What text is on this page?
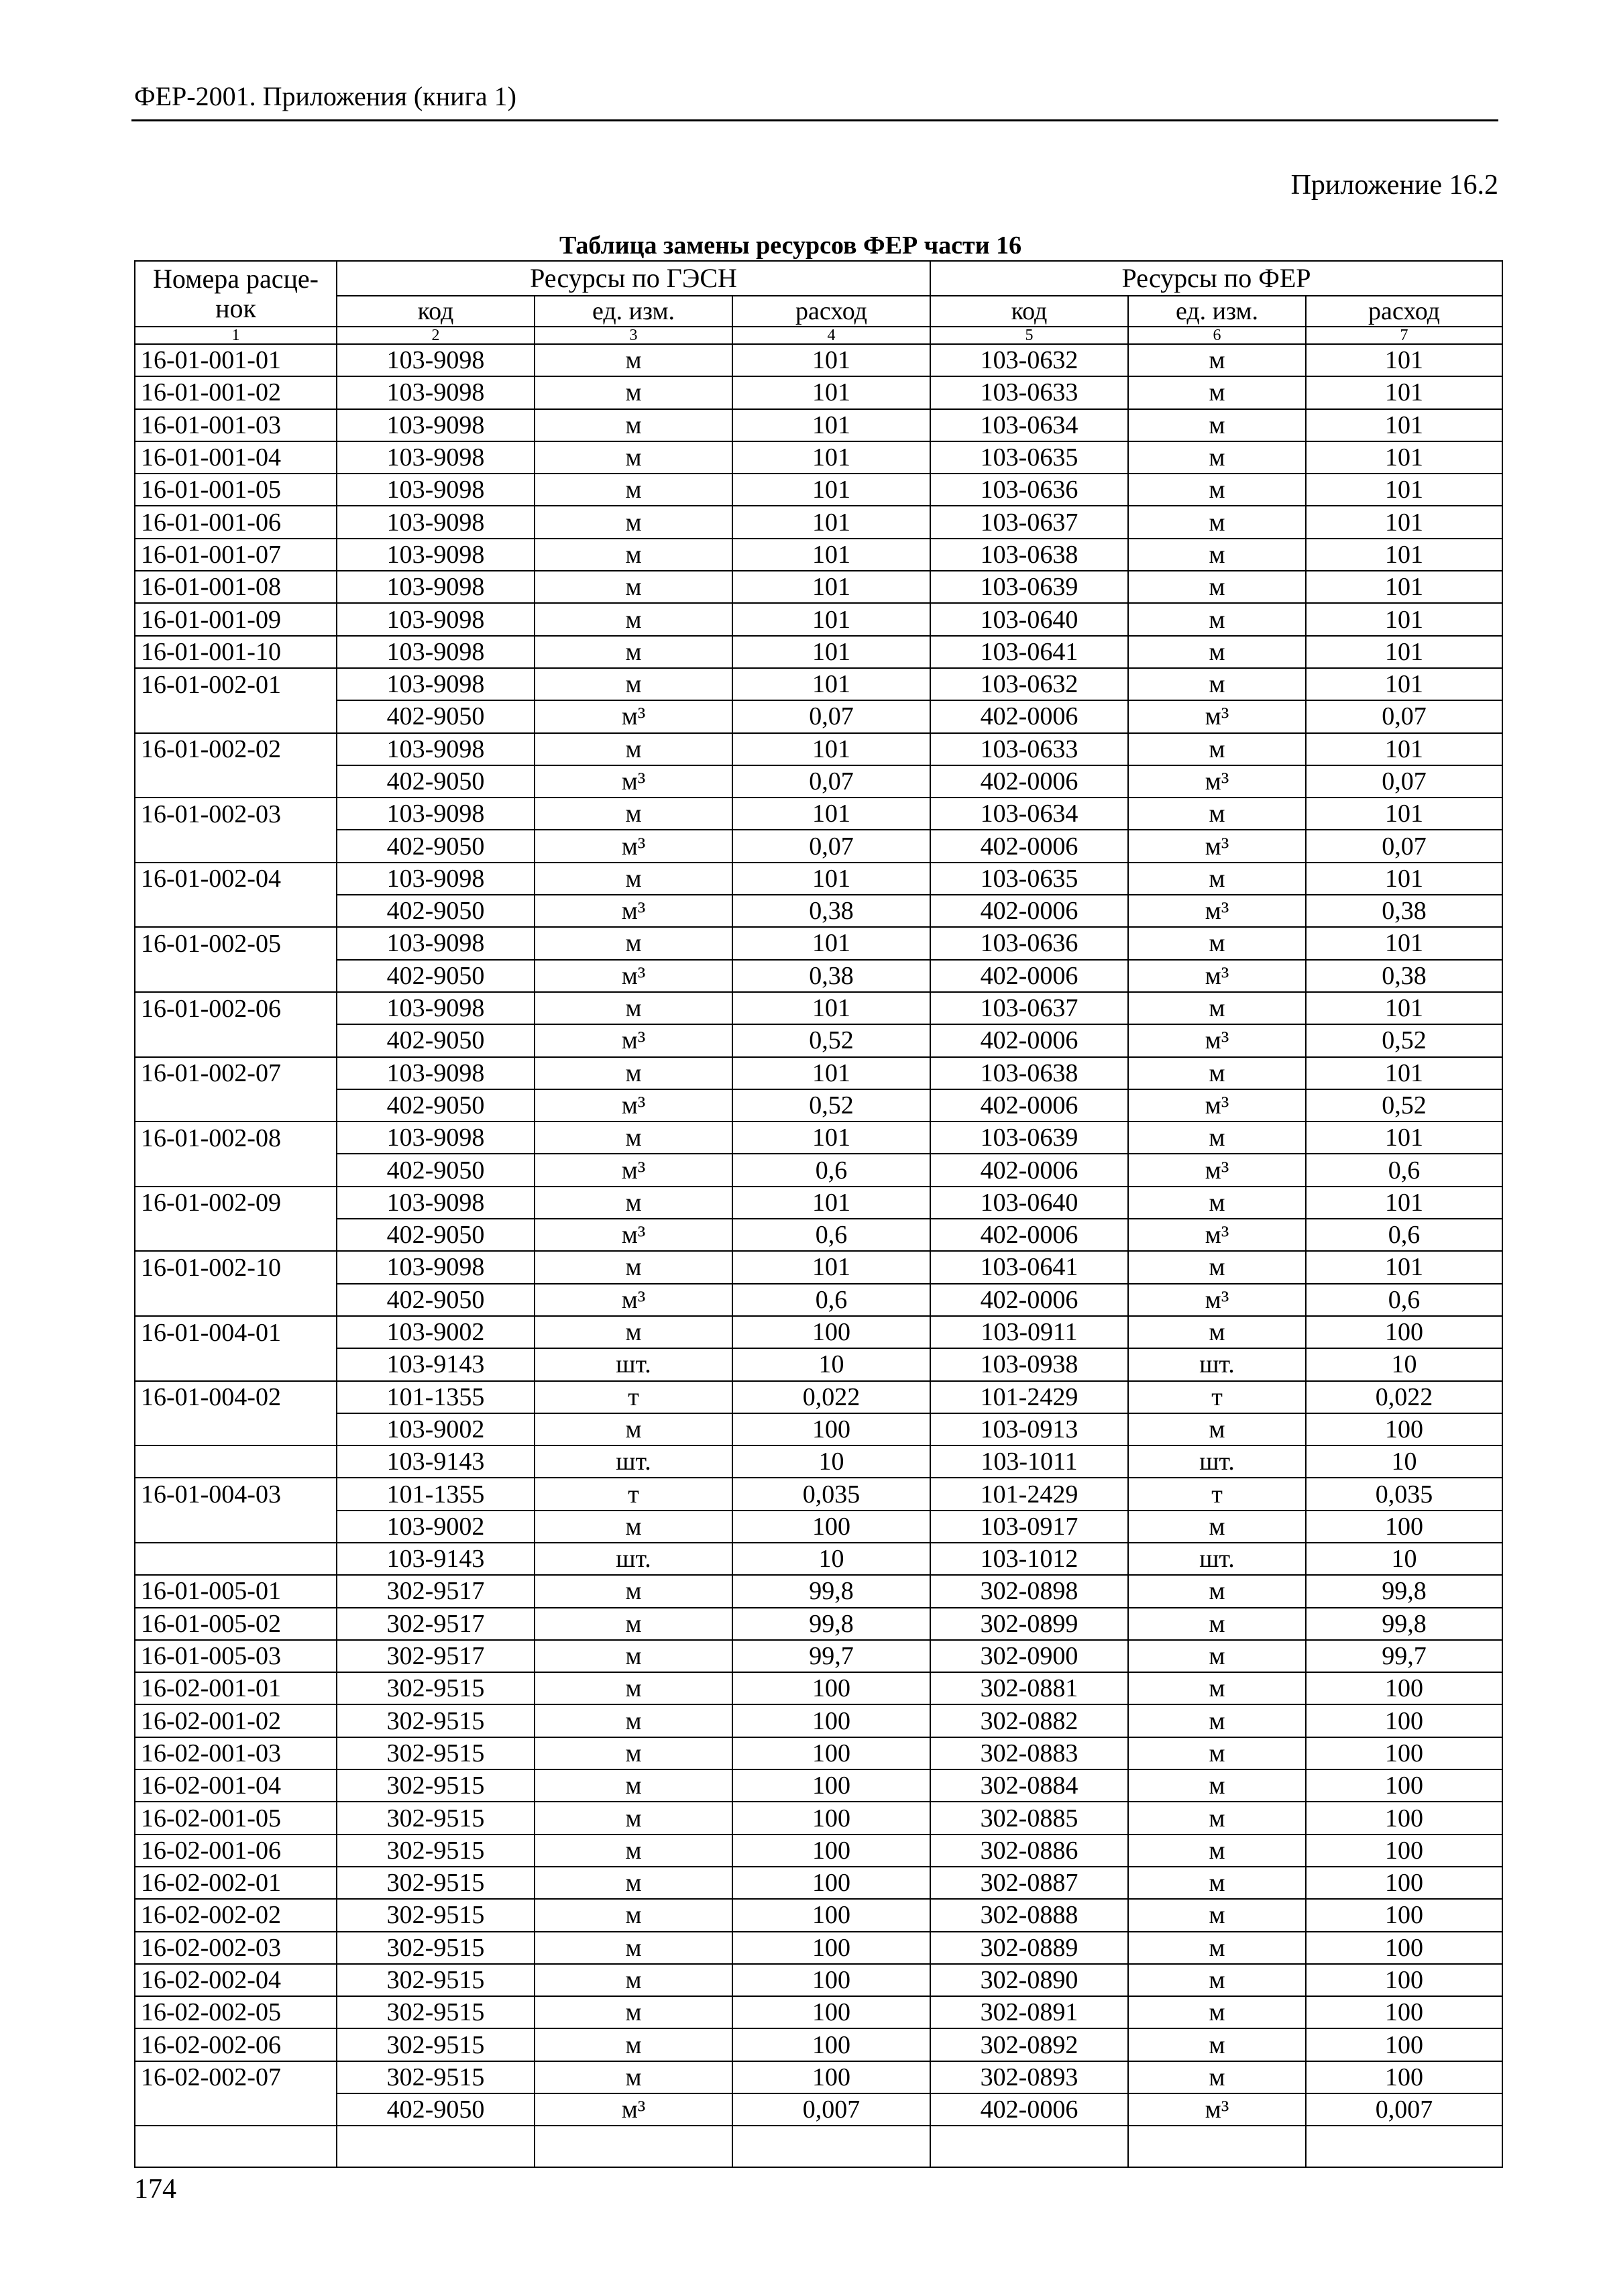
ФЕР-2001. Приложения (книга 1)
Приложение 16.2
Таблица замены ресурсов ФЕР части 16
Номера расце-нок	Ресурсы по ГЭСН			Ресурсы по ФЕР		
	код	ед. изм.	расход	код	ед. изм.	расход
1	2	3	4	5	6	7
16-01-001-01	103-9098	м	101	103-0632	м	101
16-01-001-02	103-9098	м	101	103-0633	м	101
16-01-001-03	103-9098	м	101	103-0634	м	101
16-01-001-04	103-9098	м	101	103-0635	м	101
16-01-001-05	103-9098	м	101	103-0636	м	101
16-01-001-06	103-9098	м	101	103-0637	м	101
16-01-001-07	103-9098	м	101	103-0638	м	101
16-01-001-08	103-9098	м	101	103-0639	м	101
16-01-001-09	103-9098	м	101	103-0640	м	101
16-01-001-10	103-9098	м	101	103-0641	м	101
16-01-002-01	103-9098	м	101	103-0632	м	101
	402-9050	м³	0,07	402-0006	м³	0,07
16-01-002-02	103-9098	м	101	103-0633	м	101
	402-9050	м³	0,07	402-0006	м³	0,07
16-01-002-03	103-9098	м	101	103-0634	м	101
	402-9050	м³	0,07	402-0006	м³	0,07
16-01-002-04	103-9098	м	101	103-0635	м	101
	402-9050	м³	0,38	402-0006	м³	0,38
16-01-002-05	103-9098	м	101	103-0636	м	101
	402-9050	м³	0,38	402-0006	м³	0,38
16-01-002-06	103-9098	м	101	103-0637	м	101
	402-9050	м³	0,52	402-0006	м³	0,52
16-01-002-07	103-9098	м	101	103-0638	м	101
	402-9050	м³	0,52	402-0006	м³	0,52
16-01-002-08	103-9098	м	101	103-0639	м	101
	402-9050	м³	0,6	402-0006	м³	0,6
16-01-002-09	103-9098	м	101	103-0640	м	101
	402-9050	м³	0,6	402-0006	м³	0,6
16-01-002-10	103-9098	м	101	103-0641	м	101
	402-9050	м³	0,6	402-0006	м³	0,6
16-01-004-01	103-9002	м	100	103-0911	м	100
	103-9143	шт.	10	103-0938	шт.	10
16-01-004-02	101-1355	т	0,022	101-2429	т	0,022
	103-9002	м	100	103-0913	м	100
	103-9143	шт.	10	103-1011	шт.	10
16-01-004-03	101-1355	т	0,035	101-2429	т	0,035
	103-9002	м	100	103-0917	м	100
	103-9143	шт.	10	103-1012	шт.	10
16-01-005-01	302-9517	м	99,8	302-0898	м	99,8
16-01-005-02	302-9517	м	99,8	302-0899	м	99,8
16-01-005-03	302-9517	м	99,7	302-0900	м	99,7
16-02-001-01	302-9515	м	100	302-0881	м	100
16-02-001-02	302-9515	м	100	302-0882	м	100
16-02-001-03	302-9515	м	100	302-0883	м	100
16-02-001-04	302-9515	м	100	302-0884	м	100
16-02-001-05	302-9515	м	100	302-0885	м	100
16-02-001-06	302-9515	м	100	302-0886	м	100
16-02-002-01	302-9515	м	100	302-0887	м	100
16-02-002-02	302-9515	м	100	302-0888	м	100
16-02-002-03	302-9515	м	100	302-0889	м	100
16-02-002-04	302-9515	м	100	302-0890	м	100
16-02-002-05	302-9515	м	100	302-0891	м	100
16-02-002-06	302-9515	м	100	302-0892	м	100
16-02-002-07	302-9515	м	100	302-0893	м	100
	402-9050	м³	0,007	402-0006	м³	0,007

174
